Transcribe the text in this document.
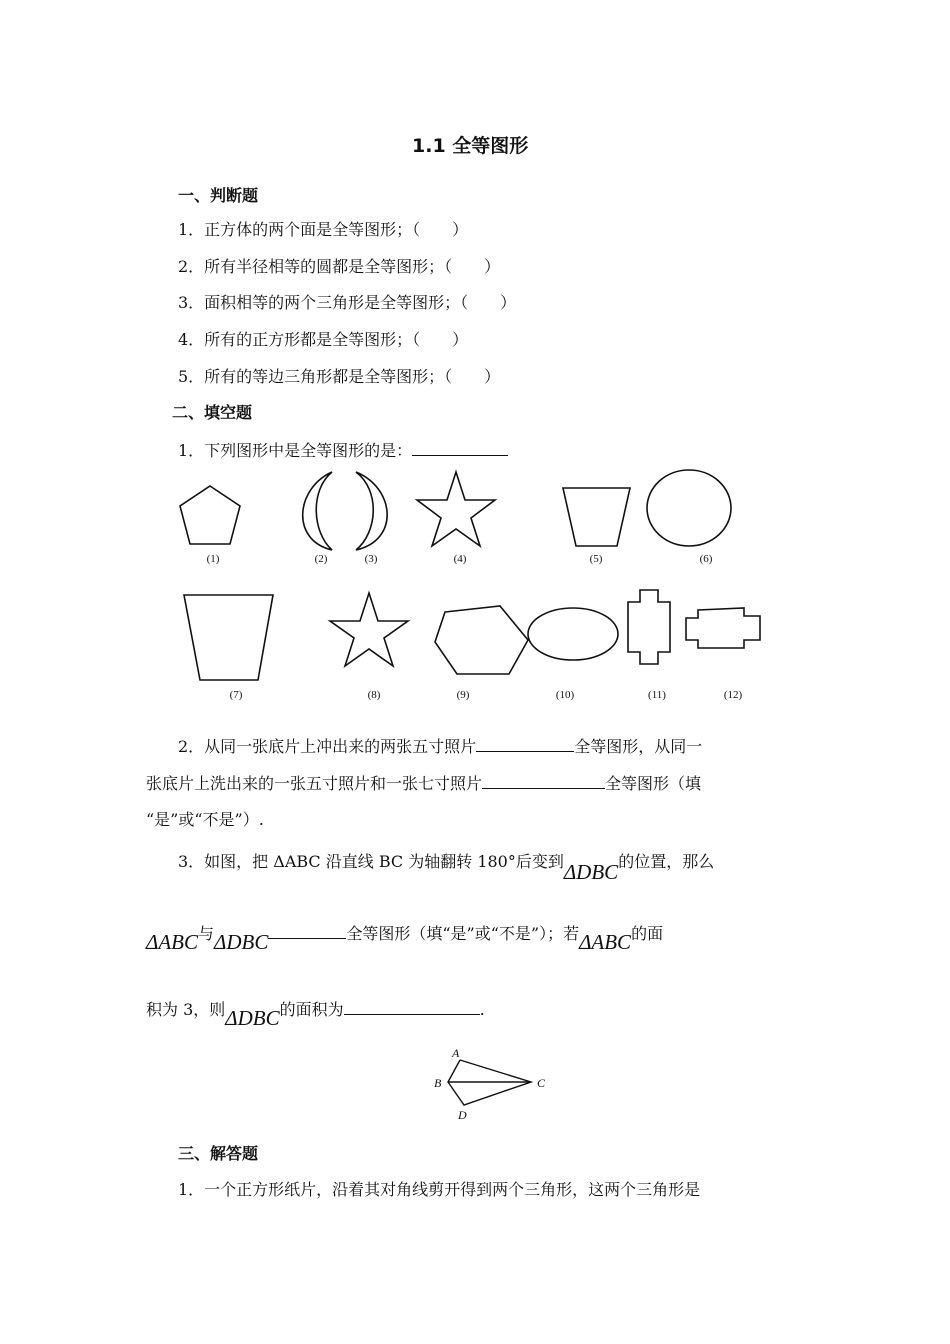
1.1 全等图形
一、判断题
1．正方体的两个面是全等图形；（　　）
2．所有半径相等的圆都是全等图形；（　　）
3．面积相等的两个三角形是全等图形；（　　）
4．所有的正方形都是全等图形；（　　）
5．所有的等边三角形都是全等图形；（　　）
二、填空题
1．下列图形中是全等图形的是：
(1)	(2)	(3)	(4)	(5)	(6)
(7)	(8)	(9)	(10)	(11)	(12)
2．从同一张底片上冲出来的两张五寸照片	全等图形，从同一
张底片上洗出来的一张五寸照片和一张七寸照片	全等图形（填
“是”或“不是”）.
3．如图，把 ΔABC 沿直线 BC 为轴翻转 180°后变到ΔDBC的位置，那么
ΔABC与ΔDBC	全等图形（填“是”或“不是”）；若ΔABC的面
积为 3，则ΔDBC的面积为	.
A
B	C
D
三、解答题
1．一个正方形纸片，沿着其对角线剪开得到两个三角形，这两个三角形是
